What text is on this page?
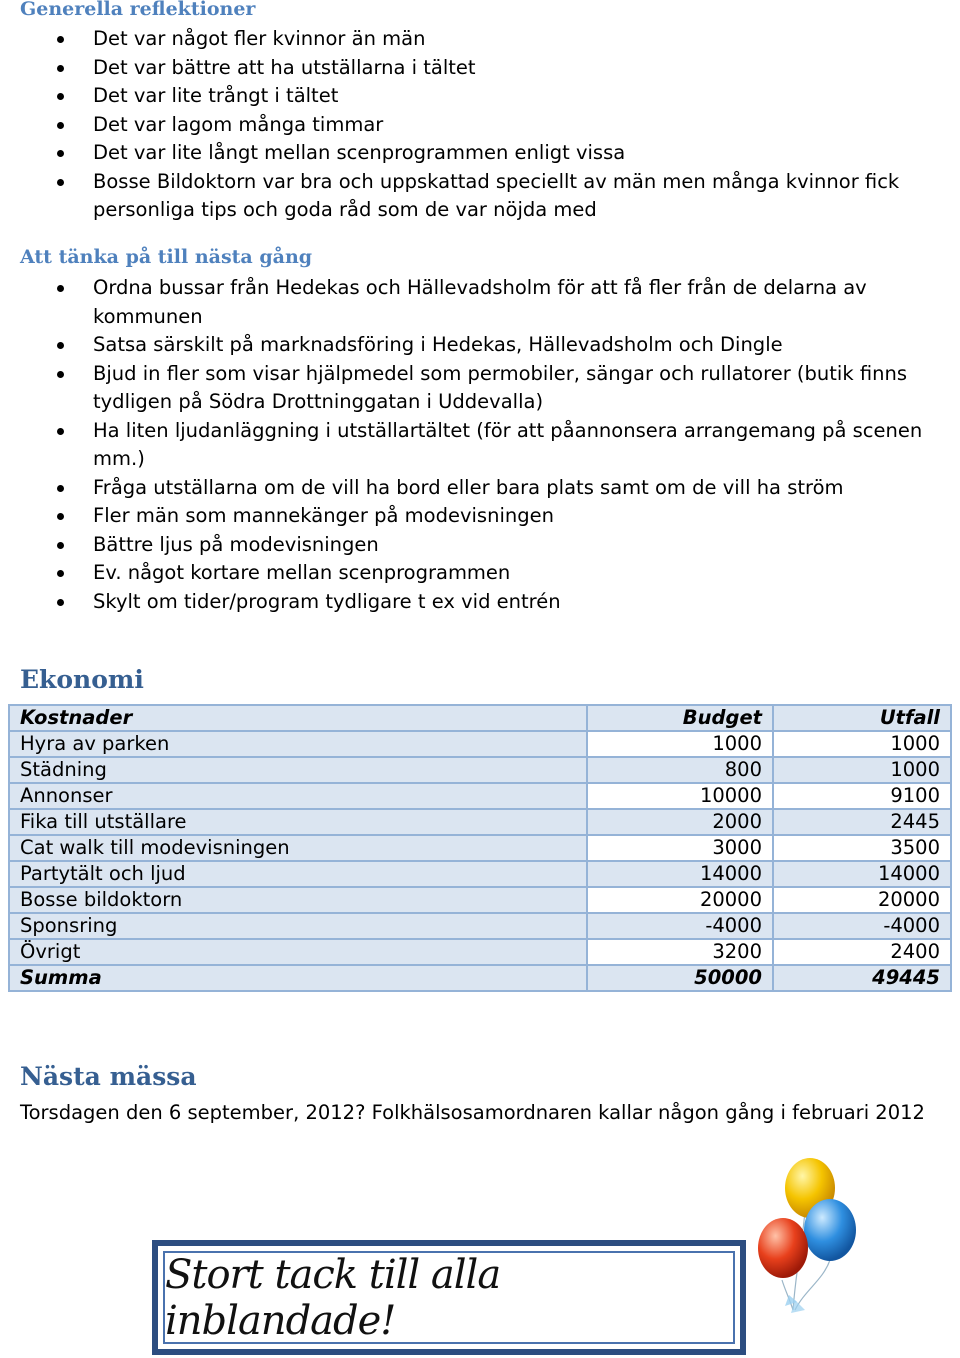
Generella reflektioner
Det var något fler kvinnor än män
Det var bättre att ha utställarna i tältet
Det var lite trångt i tältet
Det var lagom många timmar
Det var lite långt mellan scenprogrammen enligt vissa
Bosse Bildoktorn var bra och uppskattad speciellt av män men många kvinnor fick personliga tips och goda råd som de var nöjda med
Att tänka på till nästa gång
Ordna bussar från Hedekas och Hällevadsholm för att få fler från de delarna av kommunen
Satsa särskilt på marknadsföring i Hedekas, Hällevadsholm och Dingle
Bjud in fler som visar hjälpmedel som permobiler, sängar och rullatorer (butik finns tydligen på Södra Drottninggatan i Uddevalla)
Ha liten ljudanläggning i utställartältet (för att påannonsera arrangemang på scenen mm.)
Fråga utställarna om de vill ha bord eller bara plats samt om de vill ha ström
Fler män som mannekänger på modevisningen
Bättre ljus på modevisningen
Ev. något kortare mellan scenprogrammen
Skylt om tider/program tydligare t ex vid entrén
Ekonomi
Kostnader	Budget	Utfall
Hyra av parken	1000	1000
Städning	800	1000
Annonser	10000	9100
Fika till utställare	2000	2445
Cat walk till modevisningen	3000	3500
Partytält och ljud	14000	14000
Bosse bildoktorn	20000	20000
Sponsring	-4000	-4000
Övrigt	3200	2400
Summa	50000	49445
Nästa mässa

Torsdagen den 6 september, 2012? Folkhälsosamordnaren kallar någon gång i februari 2012

Stort tack till alla inblandade!
